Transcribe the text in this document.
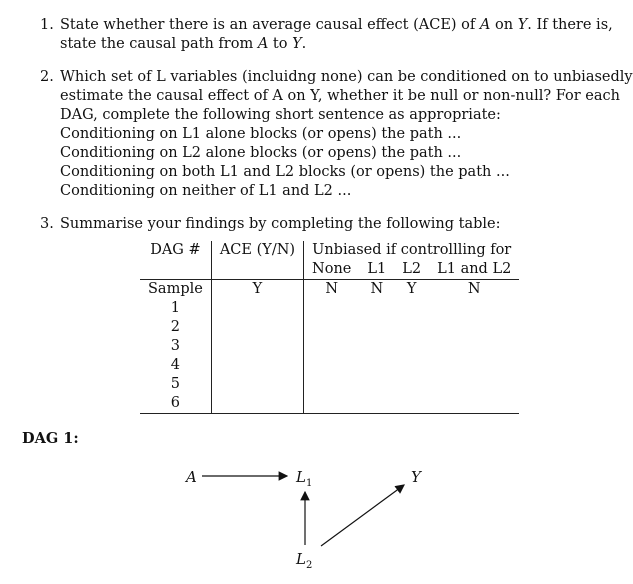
1. State whether there is an average causal effect (ACE) of A on Y. If there is,
state the causal path from A to Y.
2. Which set of L variables (incluidng none) can be conditioned on to unbiasedly
estimate the causal effect of A on Y, whether it be null or non-null? For each
DAG, complete the following short sentence as appropriate:
Conditioning on L1 alone blocks (or opens) the path ...
Conditioning on L2 alone blocks (or opens) the path ...
Conditioning on both L1 and L2 blocks (or opens) the path ...
Conditioning on neither of L1 and L2 ...
3. Summarise your findings by completing the following table:
DAG #	ACE (Y/N)	Unbiased if controllling for			
		None	L1	L2	L1 and L2
Sample	Y	N	N	Y	N
1					
2					
3					
4					
5					
6					
DAG 1:
A	$L_1$	Y
$L_2$
